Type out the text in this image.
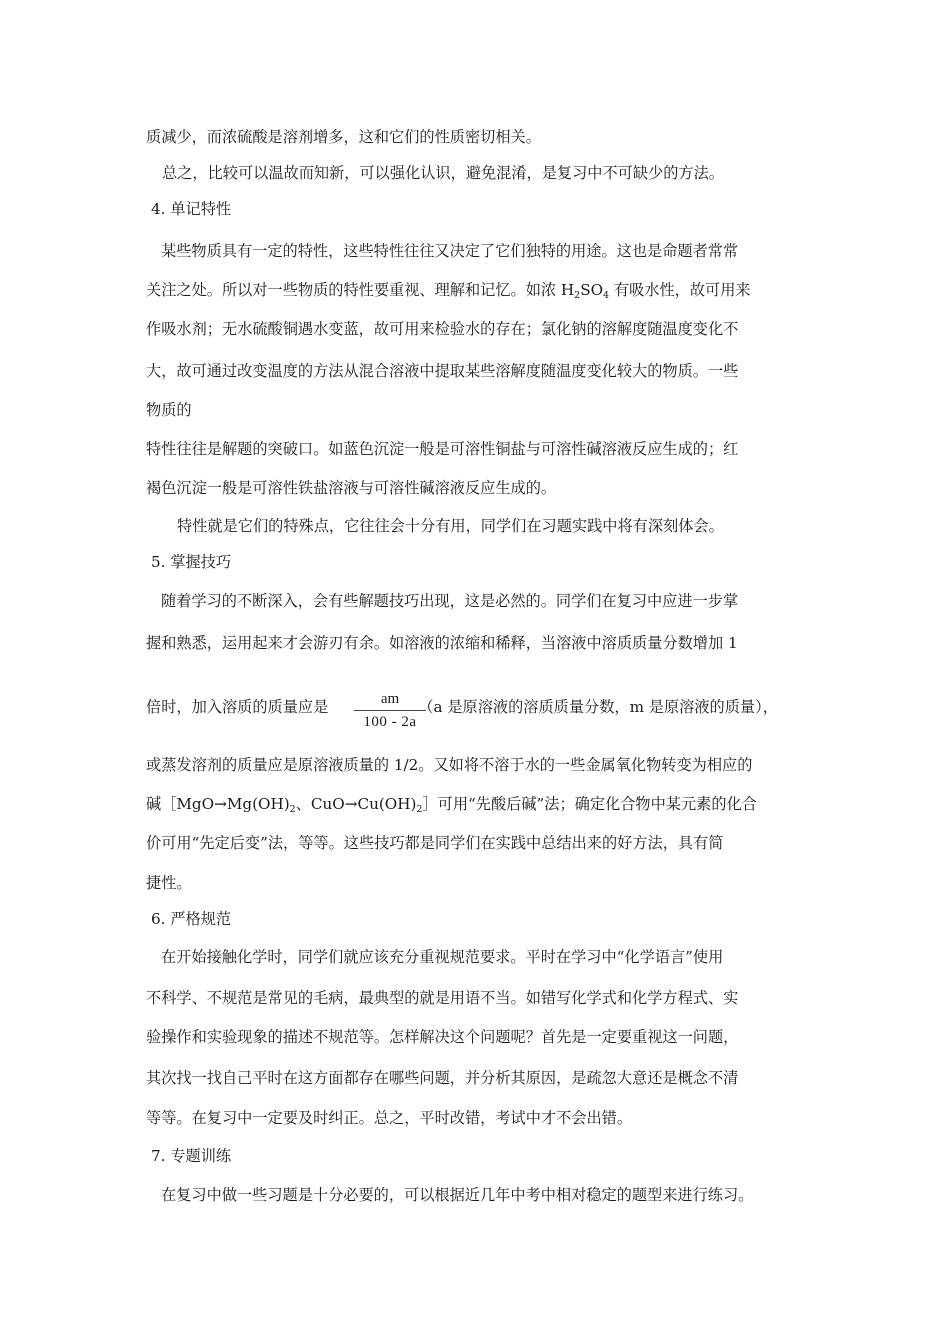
质减少，而浓硫酸是溶剂增多，这和它们的性质密切相关。
总之，比较可以温故而知新，可以强化认识，避免混淆，是复习中不可缺少的方法。
4. 单记特性
某些物质具有一定的特性，这些特性往往又决定了它们独特的用途。这也是命题者常常
关注之处。所以对一些物质的特性要重视、理解和记忆。如浓 $H_2SO_4$ 有吸水性，故可用来
作吸水剂；无水硫酸铜遇水变蓝，故可用来检验水的存在；氯化钠的溶解度随温度变化不
大，故可通过改变温度的方法从混合溶液中提取某些溶解度随温度变化较大的物质。一些
物质的
特性往往是解题的突破口。如蓝色沉淀一般是可溶性铜盐与可溶性碱溶液反应生成的；红
褐色沉淀一般是可溶性铁盐溶液与可溶性碱溶液反应生成的。
特性就是它们的特殊点，它往往会十分有用，同学们在习题实践中将有深刻体会。
5. 掌握技巧
随着学习的不断深入，会有些解题技巧出现，这是必然的。同学们在复习中应进一步掌
握和熟悉，运用起来才会游刃有余。如溶液的浓缩和稀释，当溶液中溶质质量分数增加 1
倍时，加入溶质的质量应是	（a 是原溶液的溶质质量分数，m 是原溶液的质量），
am
100 - 2a
或蒸发溶剂的质量应是原溶液质量的 1/2。又如将不溶于水的一些金属氧化物转变为相应的
碱$[MgO\to Mg(OH)_2$、$CuO\to Cu(OH)_2]$可用“先酸后碱”法；确定化合物中某元素的化合
价可用“先定后变”法，等等。这些技巧都是同学们在实践中总结出来的好方法，具有简
捷性。
6. 严格规范
在开始接触化学时，同学们就应该充分重视规范要求。平时在学习中“化学语言”使用
不科学、不规范是常见的毛病，最典型的就是用语不当。如错写化学式和化学方程式、实
验操作和实验现象的描述不规范等。怎样解决这个问题呢？首先是一定要重视这一问题，
其次找一找自己平时在这方面都存在哪些问题，并分析其原因，是疏忽大意还是概念不清
等等。在复习中一定要及时纠正。总之，平时改错，考试中才不会出错。
7. 专题训练
在复习中做一些习题是十分必要的，可以根据近几年中考中相对稳定的题型来进行练习。
